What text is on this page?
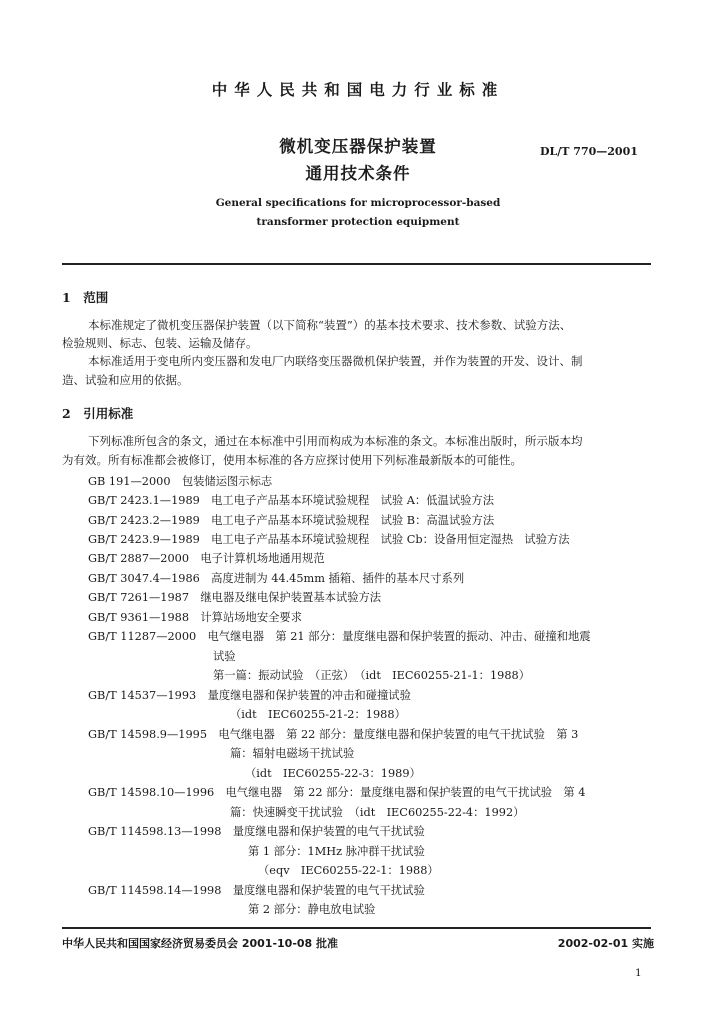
中华人民共和国电力行业标准
微机变压器保护装置
通用技术条件
DL/T 770—2001
General specifications for microprocessor-based
transformer protection equipment
1　范围
本标准规定了微机变压器保护装置（以下简称“装置”）的基本技术要求、技术参数、试验方法、
检验规则、标志、包装、运输及储存。
本标准适用于变电所内变压器和发电厂内联络变压器微机保护装置，并作为装置的开发、设计、制
造、试验和应用的依据。
2　引用标准
下列标准所包含的条文，通过在本标准中引用而构成为本标准的条文。本标准出版时，所示版本均
为有效。所有标准都会被修订，使用本标准的各方应探讨使用下列标准最新版本的可能性。
GB 191—2000　包装储运图示标志
GB/T 2423.1—1989　电工电子产品基本环境试验规程　试验 A：低温试验方法
GB/T 2423.2—1989　电工电子产品基本环境试验规程　试验 B：高温试验方法
GB/T 2423.9—1989　电工电子产品基本环境试验规程　试验 Cb：设备用恒定湿热　试验方法
GB/T 2887—2000　电子计算机场地通用规范
GB/T 3047.4—1986　高度进制为 44.45mm 插箱、插件的基本尺寸系列
GB/T 7261—1987　继电器及继电保护装置基本试验方法
GB/T 9361—1988　计算站场地安全要求
GB/T 11287—2000　电气继电器　第 21 部分：量度继电器和保护装置的振动、冲击、碰撞和地震
试验
第一篇：振动试验　（正弦）　（idt　IEC60255-21-1：1988）
GB/T 14537—1993　量度继电器和保护装置的冲击和碰撞试验
（idt　IEC60255-21-2：1988）
GB/T 14598.9—1995　电气继电器　第 22 部分：量度继电器和保护装置的电气干扰试验　第 3
篇：辐射电磁场干扰试验
（idt　IEC60255-22-3：1989）
GB/T 14598.10—1996　电气继电器　第 22 部分：量度继电器和保护装置的电气干扰试验　第 4
篇：快速瞬变干扰试验　（idt　IEC60255-22-4：1992）
GB/T 114598.13—1998　量度继电器和保护装置的电气干扰试验
第 1 部分：1MHz 脉冲群干扰试验
（eqv　IEC60255-22-1：1988）
GB/T 114598.14—1998　量度继电器和保护装置的电气干扰试验
第 2 部分：静电放电试验
中华人民共和国国家经济贸易委员会 2001-10-08 批准	2002-02-01 实施
1
